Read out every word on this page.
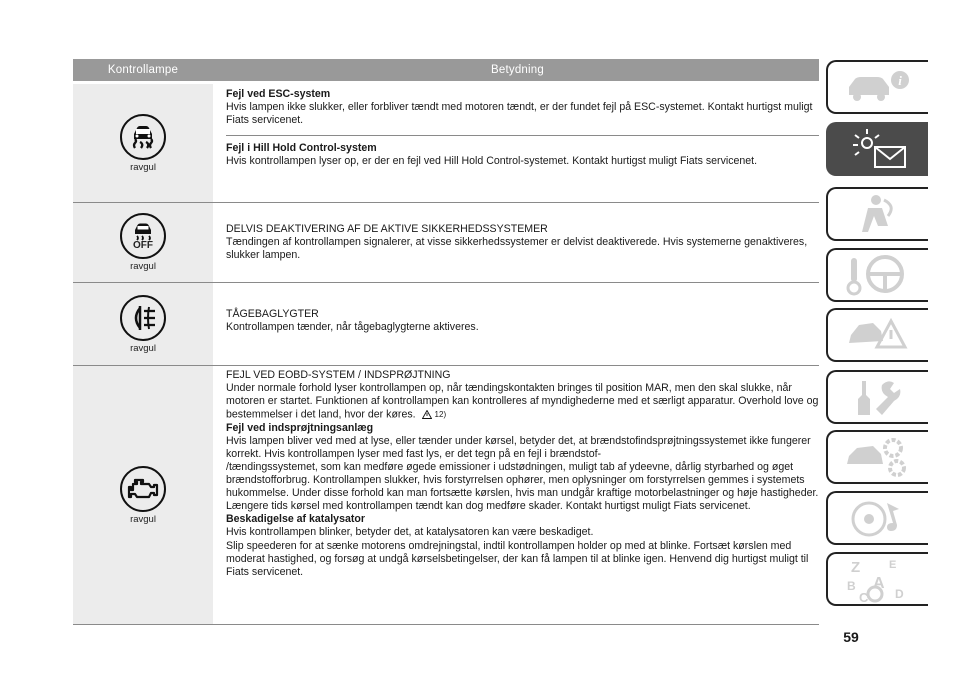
Kontrollampe	Betydning
ravgul

Fejl ved ESC-system

Hvis lampen ikke slukker, eller forbliver tændt med motoren tændt, er der fundet fejl på ESC-systemet. Kontakt hurtigst muligt Fiats servicenet.

Fejl i Hill Hold Control-system

Hvis kontrollampen lyser op, er der en fejl ved Hill Hold Control-systemet. Kontakt hurtigst muligt Fiats servicenet.

OFF
ravgul

DELVIS DEAKTIVERING AF DE AKTIVE SIKKERHEDSSYSTEMER

Tændingen af kontrollampen signalerer, at visse sikkerhedssystemer er delvist deaktiverede. Hvis systemerne genaktiveres, slukker lampen.

ravgul

TÅGEBAGLYGTER

Kontrollampen tænder, når tågebaglygterne aktiveres.

ravgul

FEJL VED EOBD-SYSTEM / INDSPRØJTNING

Under normale forhold lyser kontrollampen op, når tændingskontakten bringes til position MAR, men den skal slukke, når motoren er startet. Funktionen af kontrollampen kan kontrolleres af myndighederne med et særligt apparatur. Overhold love og bestemmelser i det land, hvor der køres. 12)

Fejl ved indsprøjtningsanlæg

Hvis lampen bliver ved med at lyse, eller tænder under kørsel, betyder det, at brændstofindsprøjtningssystemet ikke fungerer korrekt. Hvis kontrollampen lyser med fast lys, er det tegn på en fejl i brændstof-

/tændingssystemet, som kan medføre øgede emissioner i udstødningen, muligt tab af ydeevne, dårlig styrbarhed og øget brændstofforbrug. Kontrollampen slukker, hvis forstyrrelsen ophører, men oplysninger om forstyrrelsen gemmes i systemets hukommelse. Under disse forhold kan man fortsætte kørslen, hvis man undgår kraftige motorbelastninger og høje hastigheder. Længere tids kørsel med kontrollampen tændt kan dog medføre skader. Kontakt hurtigst muligt Fiats servicenet.

Beskadigelse af katalysator

Hvis kontrollampen blinker, betyder det, at katalysatoren kan være beskadiget.

Slip speederen for at sænke motorens omdrejningstal, indtil kontrollampen holder op med at blinke. Fortsæt kørslen med moderat hastighed, og forsøg at undgå kørselsbetingelser, der kan få lampen til at blinke igen. Henvend dig hurtigst muligt til Fiats servicenet.

i
Z	E
B A
C D
59
